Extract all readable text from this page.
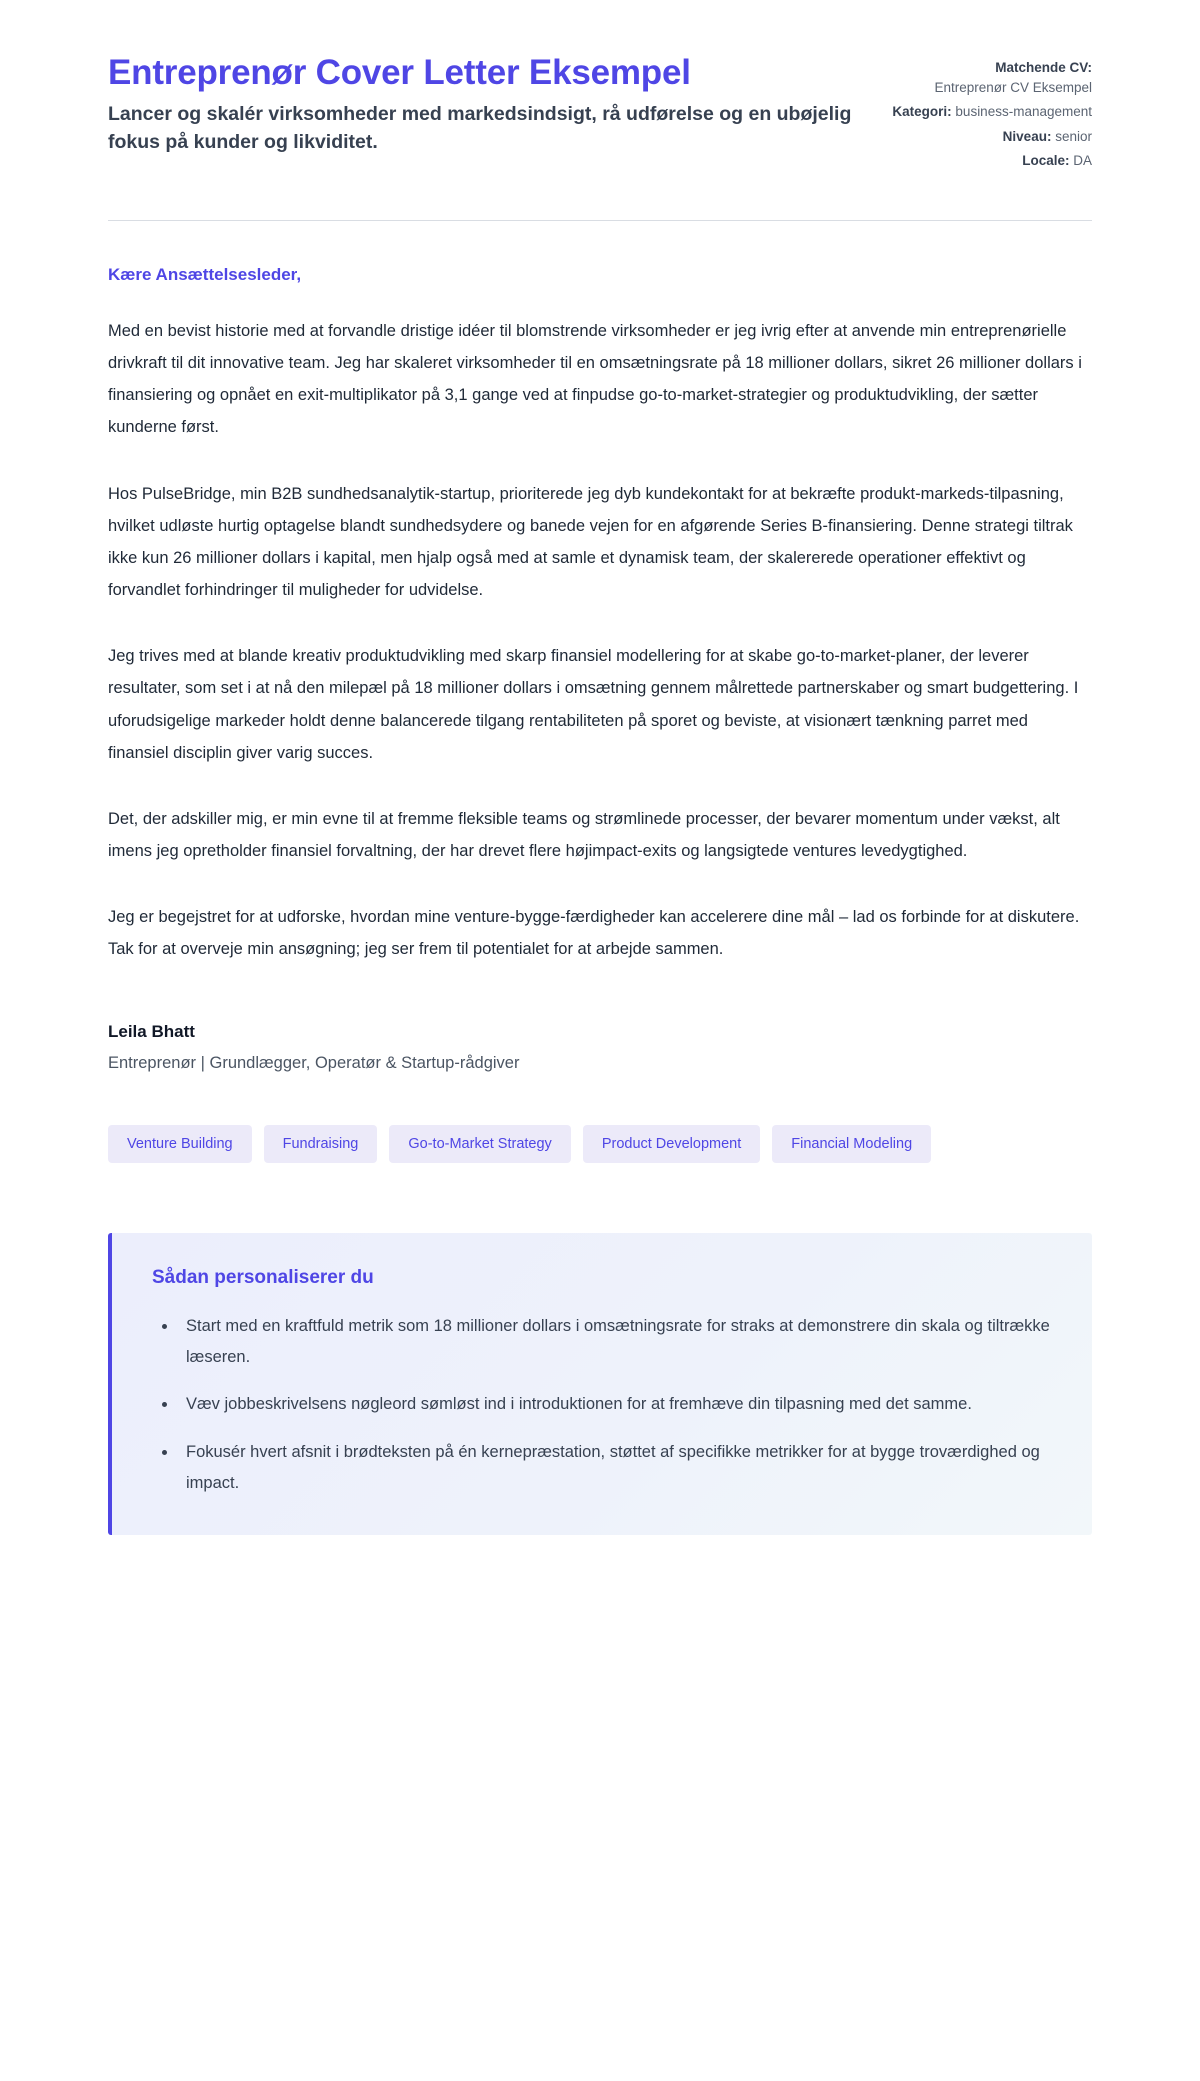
Entreprenør Cover Letter Eksempel

Lancer og skalér virksomheder med markedsindsigt, rå udførelse og en ubøjelig fokus på kunder og likviditet.

Matchende CV:
Entreprenør CV Eksempel
Kategori: business-management
Niveau: senior
Locale: DA

Kære Ansættelsesleder,

Med en bevist historie med at forvandle dristige idéer til blomstrende virksomheder er jeg ivrig efter at anvende min entreprenørielle drivkraft til dit innovative team. Jeg har skaleret virksomheder til en omsætningsrate på 18 millioner dollars, sikret 26 millioner dollars i finansiering og opnået en exit-multiplikator på 3,1 gange ved at finpudse go-to-market-strategier og produktudvikling, der sætter kunderne først.

Hos PulseBridge, min B2B sundhedsanalytik-startup, prioriterede jeg dyb kundekontakt for at bekræfte produkt-markeds-tilpasning, hvilket udløste hurtig optagelse blandt sundhedsydere og banede vejen for en afgørende Series B-finansiering. Denne strategi tiltrak ikke kun 26 millioner dollars i kapital, men hjalp også med at samle et dynamisk team, der skalererede operationer effektivt og forvandlet forhindringer til muligheder for udvidelse.

Jeg trives med at blande kreativ produktudvikling med skarp finansiel modellering for at skabe go-to-market-planer, der leverer resultater, som set i at nå den milepæl på 18 millioner dollars i omsætning gennem målrettede partnerskaber og smart budgettering. I uforudsigelige markeder holdt denne balancerede tilgang rentabiliteten på sporet og beviste, at visionært tænkning parret med finansiel disciplin giver varig succes.

Det, der adskiller mig, er min evne til at fremme fleksible teams og strømlinede processer, der bevarer momentum under vækst, alt imens jeg opretholder finansiel forvaltning, der har drevet flere højimpact-exits og langsigtede ventures levedygtighed.

Jeg er begejstret for at udforske, hvordan mine venture-bygge-færdigheder kan accelerere dine mål – lad os forbinde for at diskutere. Tak for at overveje min ansøgning; jeg ser frem til potentialet for at arbejde sammen.

Leila Bhatt

Entreprenør | Grundlægger, Operatør & Startup-rådgiver

Venture Building	Fundraising	Go-to-Market Strategy	Product Development	Financial Modeling
Sådan personaliserer du
• Start med en kraftfuld metrik som 18 millioner dollars i omsætningsrate for straks at demonstrere din skala og tiltrække læseren.
• Væv jobbeskrivelsens nøgleord sømløst ind i introduktionen for at fremhæve din tilpasning med det samme.
• Fokusér hvert afsnit i brødteksten på én kernepræstation, støttet af specifikke metrikker for at bygge troværdighed og impact.
